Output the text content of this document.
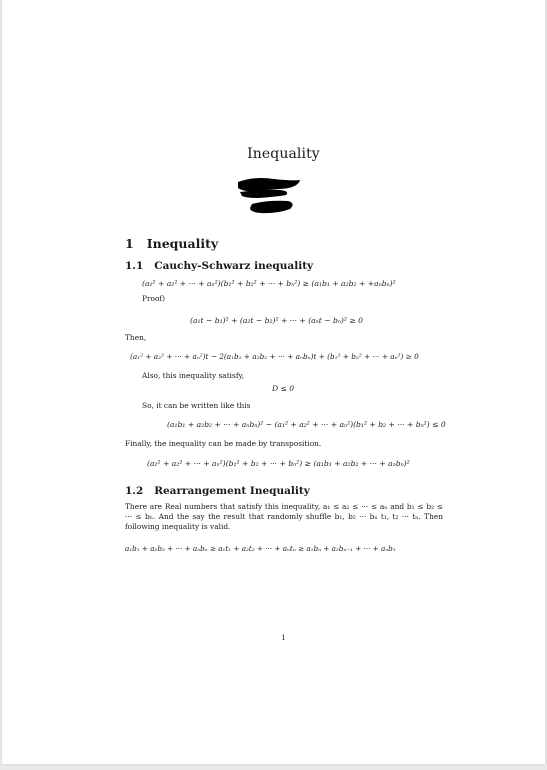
Inequality
1 Inequality
1.1 Cauchy-Schwarz inequality
(a₁² + a₂² + ··· + aₙ²)(b₁² + b₂² + ··· + bₙ²) ≥ (a₁b₁ + a₂b₂ + +aₙbₙ)²
Proof)
(a₁t − b₁)² + (a₂t − b₂)² + ··· + (aₙt − bₙ)² ≥ 0
Then,
(a₁² + a₂² + ··· + aₙ²)t − 2(a₁b₁ + a₂b₂ + ··· + aₙbₙ)t + (b₁² + b₂² + ··· + aₙ²) ≥ 0
Also, this inequality satisfy,
D ≤ 0
So, it can be written like this
(a₁b₁ + a₂b₂ + ··· + aₙbₙ)² − (a₁² + a₂² + ··· + aₙ²)(b₁² + b₂ + ··· + bₙ²) ≤ 0
Finally, the inequality can be made by transposition.
(a₁² + a₂² + ··· + aₙ²)(b₁² + b₂ + ··· + bₙ²) ≥ (a₁b₁ + a₂b₂ + ··· + aₙbₙ)²
1.2 Rearrangement Inequality
There are Real numbers that satisfy this inequality, a₁ ≤ a₂ ≤ ··· ≤ aₙ and b₁ ≤ b₂ ≤ ··· ≤ bₙ. And the say the result that randomly shuffle b₁, b₂ ··· bₙ t₁, t₂ ··· tₙ. Then following inequality is valid.
a₁b₁ + a₂b₂ + ··· + aₙbₙ ≥ a₁t₁ + a₂t₂ + ··· + aₙtₙ ≥ a₁bₙ + a₂bₙ₋₁ + ··· + aₙb₁
1
